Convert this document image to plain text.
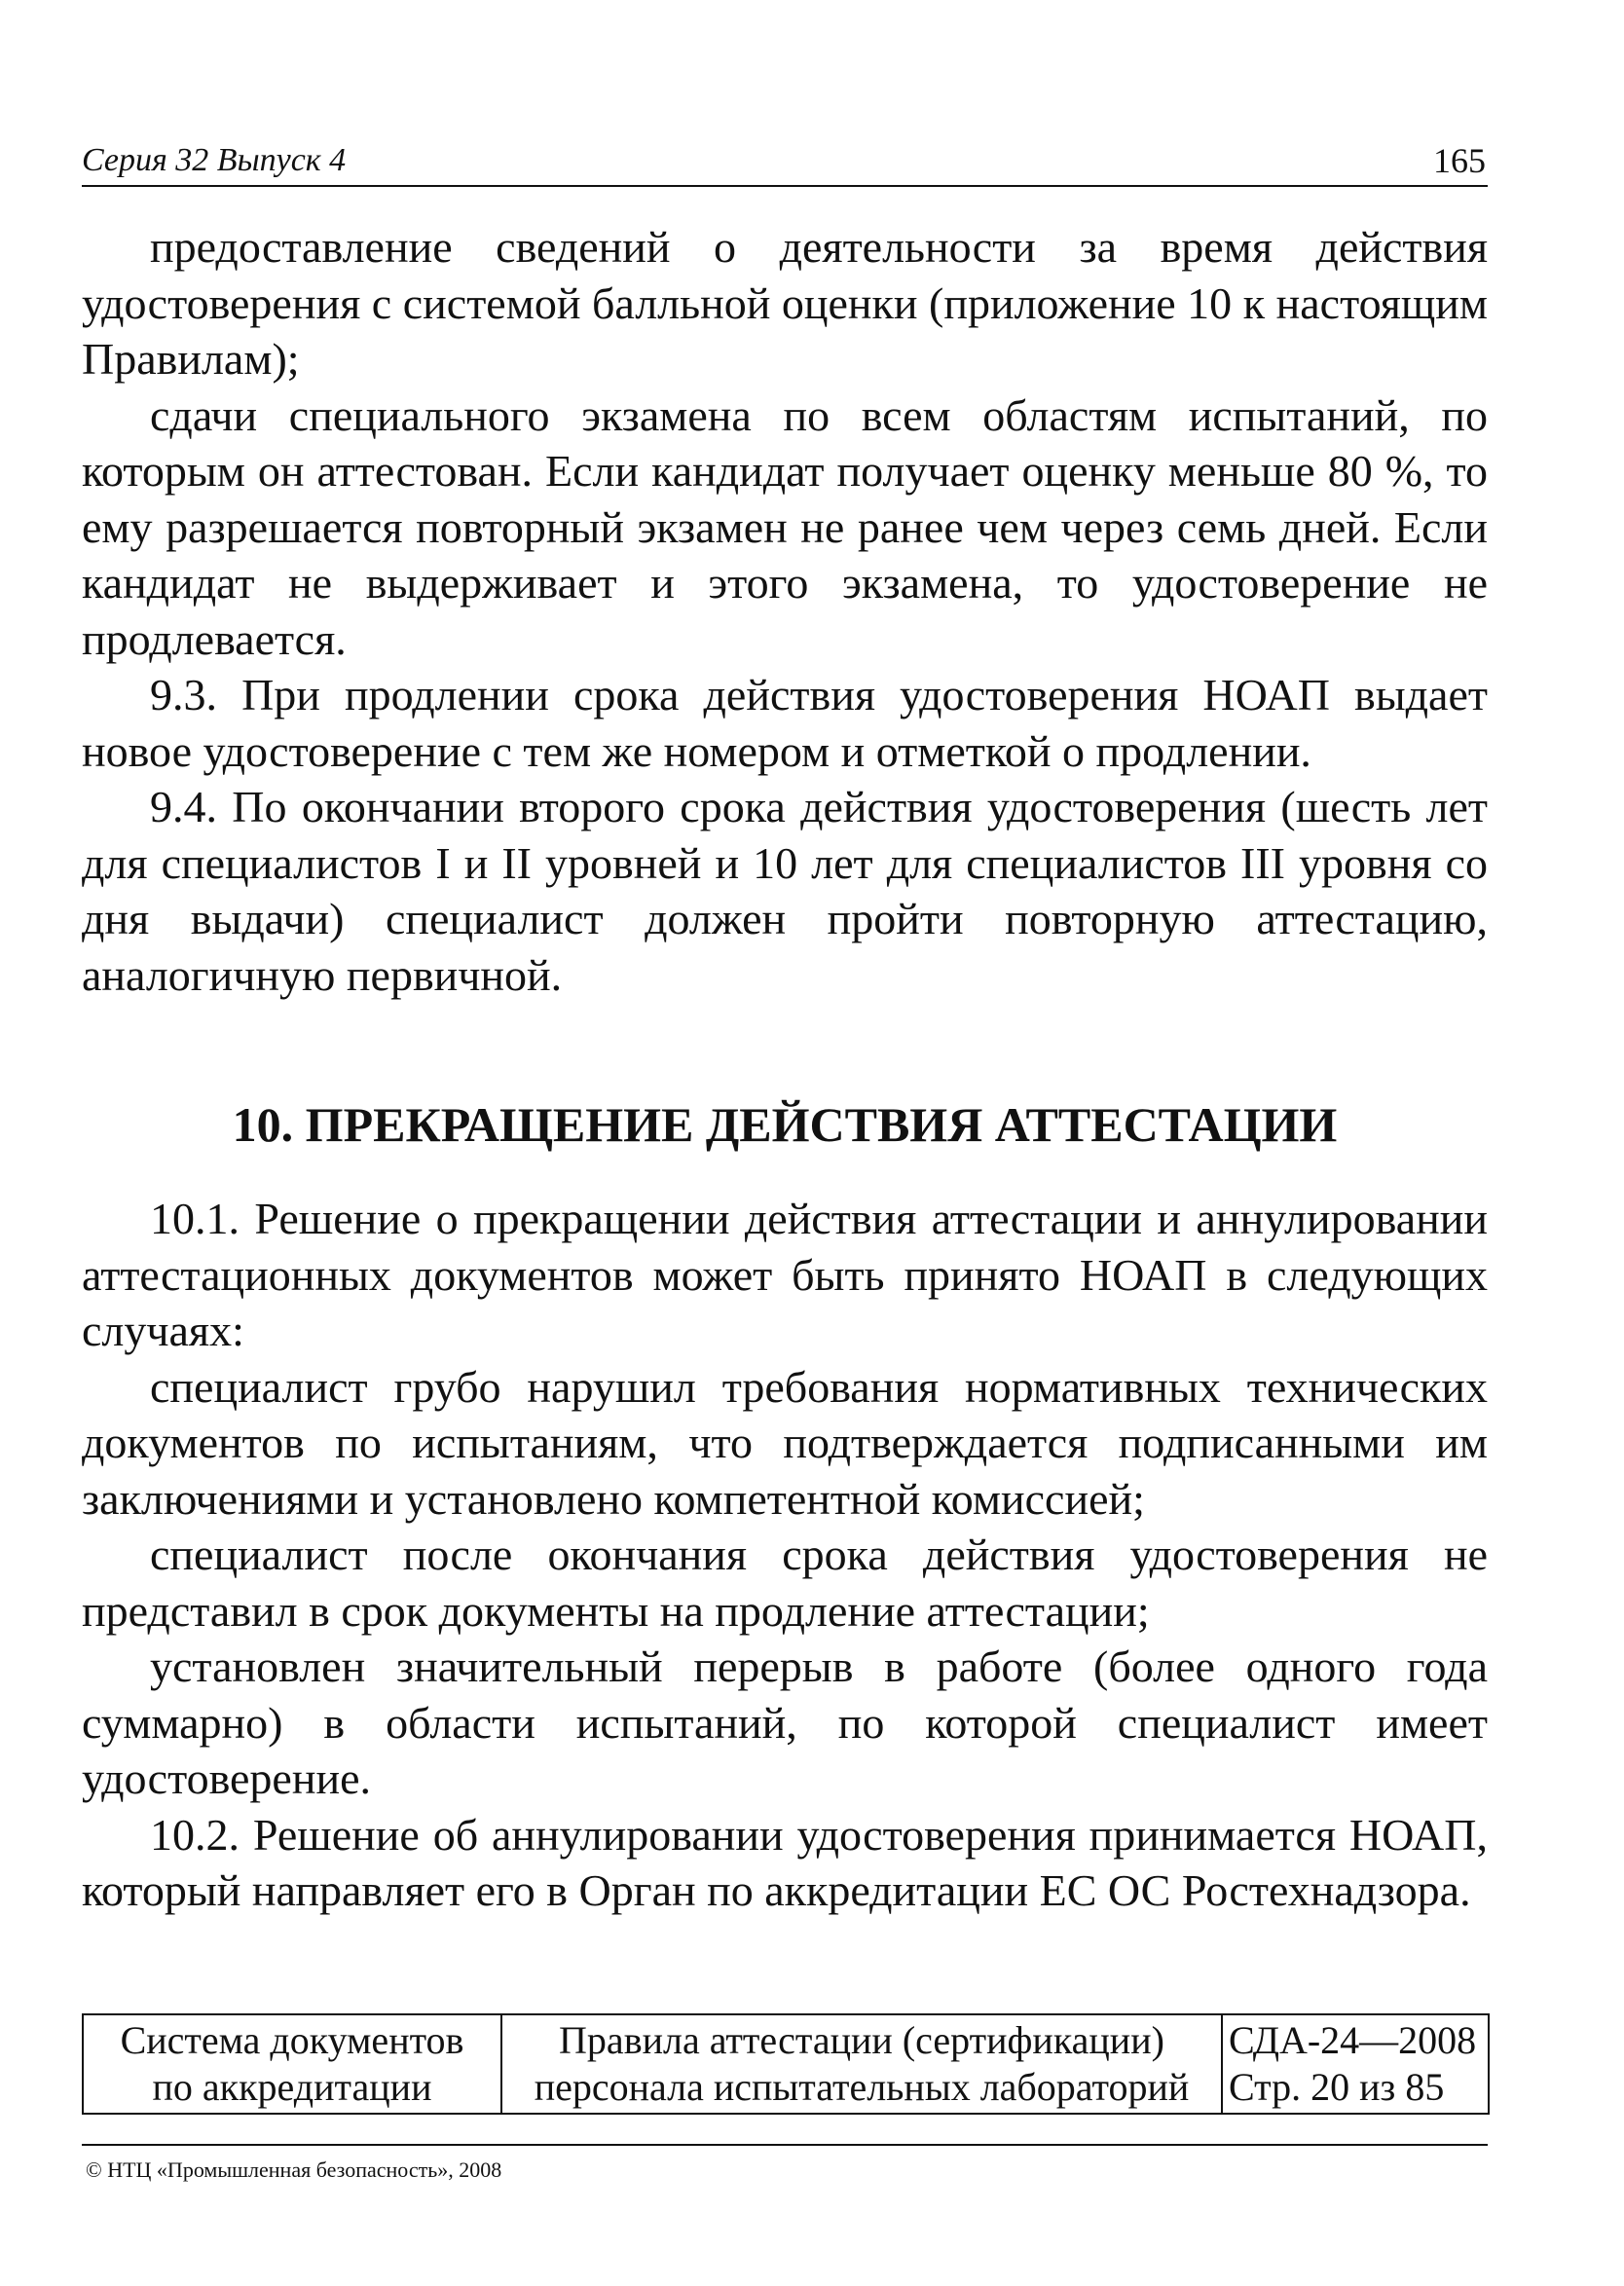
Серия 32 Выпуск 4	165

предоставление сведений о деятельности за время действия удостоверения с системой балльной оценки (приложение 10 к настоящим Правилам);

сдачи специального экзамена по всем областям испытаний, по которым он аттестован. Если кандидат получает оценку меньше 80 %, то ему разрешается повторный экзамен не ранее чем через семь дней. Если кандидат не выдерживает и этого экзамена, то удостоверение не продлевается.

9.3. При продлении срока действия удостоверения НОАП выдает новое удостоверение с тем же номером и отметкой о продлении.

9.4. По окончании второго срока действия удостоверения (шесть лет для специалистов I и II уровней и 10 лет для специалистов III уровня со дня выдачи) специалист должен пройти повторную аттестацию, аналогичную первичной.

10. ПРЕКРАЩЕНИЕ ДЕЙСТВИЯ АТТЕСТАЦИИ

10.1. Решение о прекращении действия аттестации и аннулировании аттестационных документов может быть принято НОАП в следующих случаях:

специалист грубо нарушил требования нормативных технических документов по испытаниям, что подтверждается подписанными им заключениями и установлено компетентной комиссией;

специалист после окончания срока действия удостоверения не представил в срок документы на продление аттестации;

установлен значительный перерыв в работе (более одного года суммарно) в области испытаний, по которой специалист имеет удостоверение.

10.2. Решение об аннулировании удостоверения принимается НОАП, который направляет его в Орган по аккредитации ЕС ОС Ростехнадзора.

Система документов
по аккредитации

Правила аттестации (сертификации)
персонала испытательных лабораторий

СДА-24—2008
Стр. 20 из 85
© НТЦ «Промышленная безопасность», 2008
